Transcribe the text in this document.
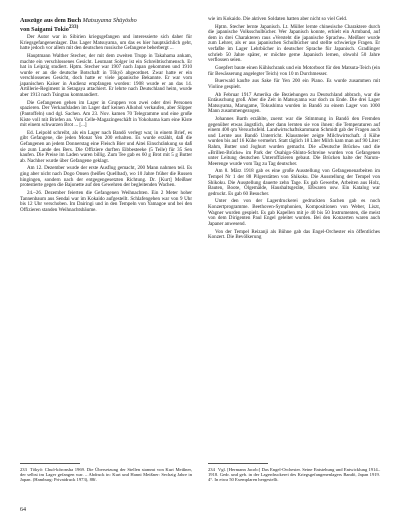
Auszüge aus dem Buch Matsuyama Shūyōsho
von Saigami Tokio$^{233)}$

Der Autor war in Sibirien kriegsgefangen und interessierte sich daher für Kriegsgefangenenlager. Das Lager Matsuyama, um das es hier hauptsächlich geht, hatte jedoch vor allem mit den deutschen russische Gefangene beherbergt ...

Hauptmann Walther Stecher, der mit dem zweiten Trupp in Takahama ankam, machte ein verschlossenes Gesicht. Leutnant Solger ist ein Schreibtischmensch. Er hat in Leipzig studiert. Hptm. Stecher war 1907 nach Japan gekommen und 1910 wurde er an die deutsche Botschaft in Tōkyō abgeordnet. Zwar hatte er ein verschlossenes Gesicht, doch hatte er viele japanische Bekannte. Er war vom japanischen Kaiser in Audienz empfangen worden: 1908 wurde er an das 14. Artillerie-Regiment in Setagaya attachiert. Er lehrte nach Deutschland heim, wurde aber 1913 nach Tsingtau kommandiert.

Die Gefangenen gehen im Lager in Gruppen von zwei oder drei Personen spazieren. Der Verkaufsladen im Lager darf keinen Alkohol verkaufen, aber Slipper (Pantoffeln) und dgl. Sachen. Am 23. Nov. kamen 70 Telegramme und eine große Kiste voll mit Briefen an. Vom Celle-Magazingeschäft in Yokohama kam eine Kiste mit einem schwarzen Brot ... [...]

Ed. Leipold schreibt, als ein Lager nach Bandō verlegt war, in einem Brief, es gibt Gefangene, die jeden Monat Yen 200 erhalten. Es wurde erzählt, daß die Gefangenen an jedem Donnerstag eine Fleisch Bier und Aitei Einschränkung so daß sie zum Lande des Bers. Die Offiziere durften Eibbesteeke (5 Teile) für 35 Sen kaufen. Die Preise im Laden waren billig. Zum Tee gab es 60 g Brot mit 5 g Butter ab. Nachher wurde über Gefangene geklagt.

Am 12. Dezember wurde der erste Ausflug gemacht, 200 Mann nahmen teil. Es ging aber nicht nach Dogo Onsen (heißes Quellbad), wo 10 Jahre früher die Russen hingingen, sondern nach der entgegengesetzten Richtung. Dr. [Kurt] Meißner protestierte gegen die Bajonette auf den Gewehren der begleitenden Wachen.

24.–26. Dezember feierten die Gefangenen Weihnachten. Ein 2 Meter hoher Tannenbaum aus Sendai war im Kokaido aufgestellt. Schlafengehen war von 9 Uhr bis 12 Uhr verschoben. Im Dairingi und in den Tempeln von Yamagoe und bei den Offizieren standen Weihnachtsbäume.

wie im Kokaido. Die aktiven Soldaten hatten aber nicht so viel Geld.

Hptm. Stecher lernte Japanisch. Lt. Müller lernte chinesische Charaktere durch die japanische Volksschulbücher. Wer Japanisch konnte, erhielt ein Armband, auf dem in drei Charakteren raus «Versteht die japanische Sprache». Meißner wurde zum Lehrer, als er aus japanischen Schulbücher und stellte schwierige Fragen. Er verfaßte im Lager Lehrbücher in deutscher Sprache für Japanisch. Gradlinger schrieb 50 Jahre später, er möchte gerne Japanisch lernen, obwohl 50 Jahre verflossen seien.

Goepfert baute einen Kühlschrank und ein Motorboot für den Matsuta-Teich (ein für Bewässerung angelegter Teich) von 10 m Durchmesser.

Buerwald kaufte aus Sake für Yen 200 ein Piano. Es wurde zusammen mit Violine gespielt.

Ab Februar 1917 Amerika die Beziehungen zu Deutschland abbrach, war die Entäuschung groß. Aber die Zeit in Matsuyama war doch zu Ende. Die drei Lager Matsuyama, Marugame, Tokushima wurden in Bandō zu einem Lager von 1000 Mann zusammengezogen.

Johannes Barth erzählte, zuerst war die Stimmung in Bandō den Fremden gegenüber etwas ängstlich, aber dann lernten sie von ihnen: die Temperaturen auf einem 400 qm Versuchsfeld. Landwirtschaftskammann Schmidt gab der Fragen auch und Lernte aus Bandō Unterricht. Klausmeier zeigte Milchwirtschaft. 4 Kühe wurden bis auf 16 Kühe vermehrt. Statt täglich 18 Liter Milch kam man auf 90 Liter: Rahm, Butter und Joghurt wurden gemacht. Die «Deutsche Brücke» und die «Brillen-Brücke» im Park der Osahigo-Shinto-Schreine wurden von Gefangenen unter Leitung deutschen Unteroffizieren gebaut. Die Brücken halte der Naruto-Meerenge wurde vom Tag zu Tag deutscher.

Am 8. März 1918 gab es eine große Ausstellung von Gefangenenarbeiten im Tempel Nr 1 der 88 Pilgerstätten von Shikoku. Die Ausstellung der Tempel von Shikoku. Die Ausstellung dauerte zehn Tage. Es gab Gewerbe, Arbeiten aus Holz, Bauten, Boote, Ölgemälde, Haushaltsgeräte, Eßwaren usw. Ein Katalog war gedruckt. Es gab 60 Besucher.

Unter den von der Lagerdruckerei gedruckten Sachen gab es noch Konzertprogramme. Beethoven-Symphonien, Kompositionen von Weber, Liszt, Wagner wurden gespielt. Es gab Kapellen mit je 40 bis 50 Instrumenten, die meist von dem Dirigenten Paul Engel geleitet wurden. Bei den Konzerten waren auch Japaner anwesend.

Von der Tempel Reizanji als Bühne gab das Engel-Orchester ein öffentliches Konzert. Die Bevölkerung

233 Tōkyō: Chuō-kōronsha 1969. Die Übersetzung der Stellen stammt von Kurt Meißner, der selbst im Lager gefangen war. – Abdruck in: Kurt und Hanni Meißner: Sechzig Jahre in Japan. (Hamburg: Privatdruck 1973), 88f.
234 Vgl. [Hermann Jacob:] Das Engel-Orchester. Seine Entstehung und Entwicklung 1914–1918. Gedr. und geb. in der Lagerdruckerei des Kriegsgefangenenlagers Bandō, Japan 1919. 4°. In etwa 50 Exemplaren hergestellt.
64
